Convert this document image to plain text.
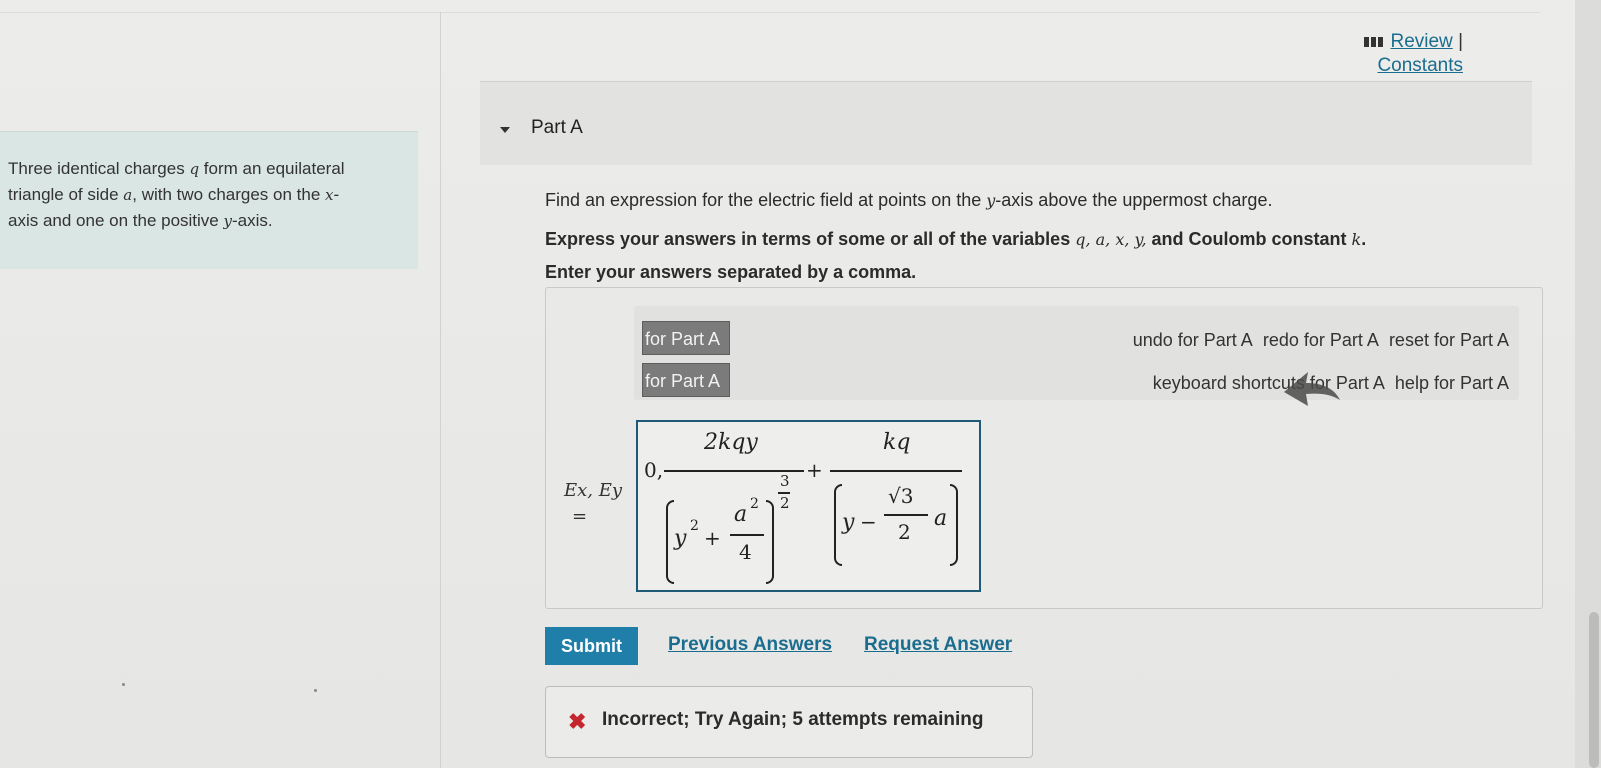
Three identical charges q form an equilateral triangle of side a, with two charges on the x-axis and one on the positive y-axis.

Review |
Constants
Part A
Find an expression for the electric field at points on the y-axis above the uppermost charge.
Express your answers in terms of some or all of the variables q, a, x, y, and Coulomb constant k.
Enter your answers separated by a comma.
for Part A
for Part A
undo for Part A redo for Part A reset for Part A
keyboard shortcuts for Part A help for Part A
Ex, Ey
=
0,
2kqy
y 2 +
a 2
4
3
2
+
kq
y −
√3
2
a
Submit	Previous Answers Request Answer
✖ Incorrect; Try Again; 5 attempts remaining
